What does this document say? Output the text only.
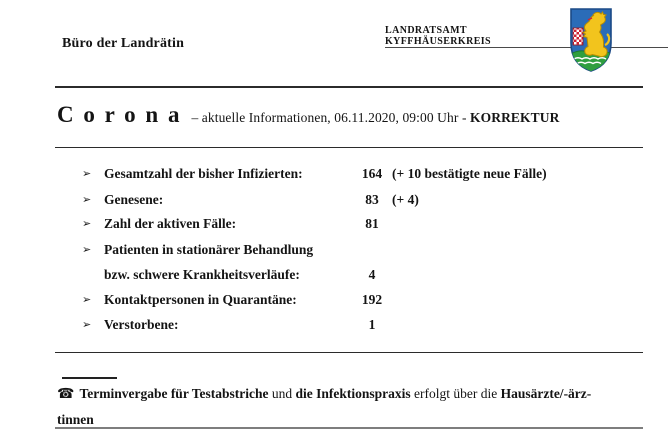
Büro der Landrätin
LANDRATSAMT
KYFFHÄUSERKREIS
C o r o n a – aktuelle Informationen, 06.11.2020, 09:00 Uhr - KORREKTUR
➢ Gesamtzahl der bisher Infizierten:	164 (+ 10 bestätigte neue Fälle)
➢ Genesene:	83 (+ 4)
➢ Zahl der aktiven Fälle:	81
➢ Patienten in stationärer Behandlung
bzw. schwere Krankheitsverläufe:	4
➢ Kontaktpersonen in Quarantäne:	192
➢ Verstorbene:	1
☎ Terminvergabe für Testabstriche und die Infektionspraxis erfolgt über die Hausärzte/-ärz-
tinnen
